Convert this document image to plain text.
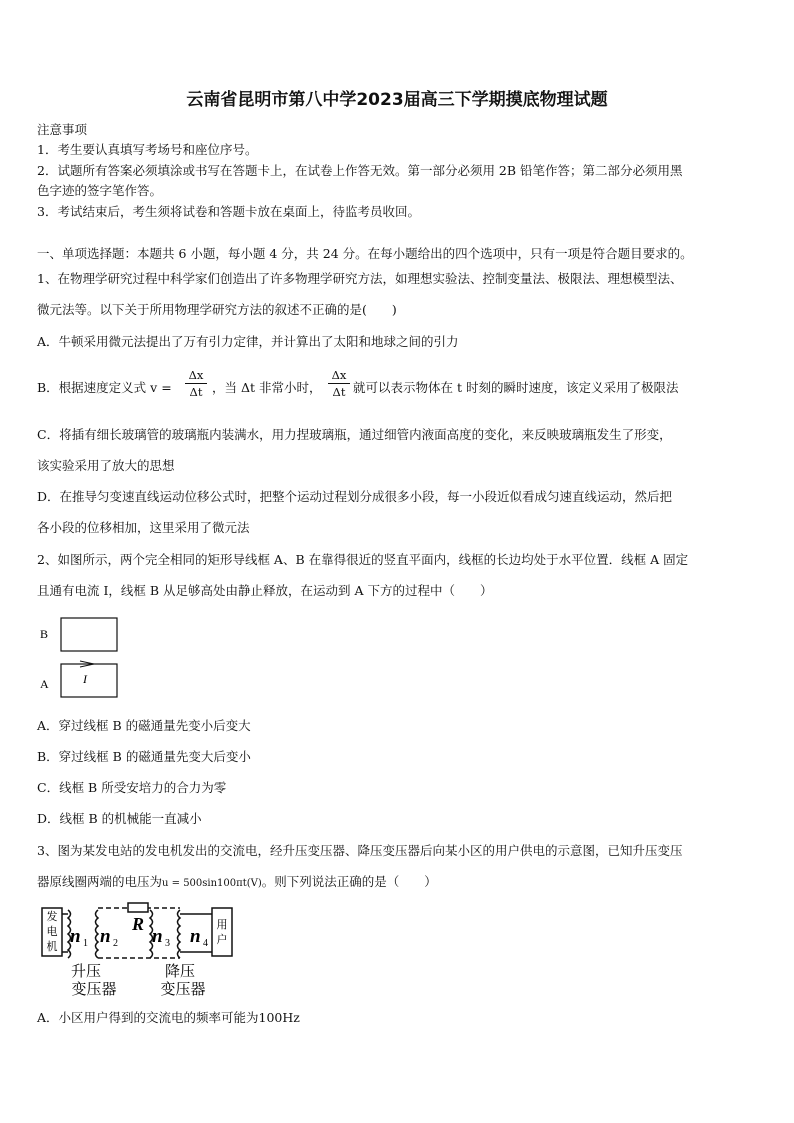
云南省昆明市第八中学2023届高三下学期摸底物理试题
注意事项
1．考生要认真填写考场号和座位序号。
2．试题所有答案必须填涂或书写在答题卡上，在试卷上作答无效。第一部分必须用 2B 铅笔作答；第二部分必须用黑
色字迹的签字笔作答。
3．考试结束后，考生须将试卷和答题卡放在桌面上，待监考员收回。
一、单项选择题：本题共 6 小题，每小题 4 分，共 24 分。在每小题给出的四个选项中，只有一项是符合题目要求的。
1、在物理学研究过程中科学家们创造出了许多物理学研究方法，如理想实验法、控制变量法、极限法、理想模型法、
微元法等。以下关于所用物理学研究方法的叙述不正确的是(　　)
A．牛顿采用微元法提出了万有引力定律，并计算出了太阳和地球之间的引力
B．根据速度定义式 v =
Δx
Δt ，当 Δt 非常小时，
Δx
Δt 就可以表示物体在 t 时刻的瞬时速度，该定义采用了极限法
C．将插有细长玻璃管的玻璃瓶内装满水，用力捏玻璃瓶，通过细管内液面高度的变化，来反映玻璃瓶发生了形变，
该实验采用了放大的思想
D．在推导匀变速直线运动位移公式时，把整个运动过程划分成很多小段，每一小段近似看成匀速直线运动，然后把
各小段的位移相加，这里采用了微元法
2、如图所示，两个完全相同的矩形导线框 A、B 在靠得很近的竖直平面内，线框的长边均处于水平位置．线框 A 固定
且通有电流 I，线框 B 从足够高处由静止释放，在运动到 A 下方的过程中（　　）
B
A	I
A．穿过线框 B 的磁通量先变小后变大
B．穿过线框 B 的磁通量先变大后变小
C．线框 B 所受安培力的合力为零
D．线框 B 的机械能一直减小
3、图为某发电站的发电机发出的交流电，经升压变压器、降压变压器后向某小区的用户供电的示意图，已知升压变压
器原线圈两端的电压为u = 500sin100πt(V)。则下列说法正确的是（　　）
发
电
机 n 1 n 2
R
n 3 n 4
用
户
升压
变压器
降压
变压器
A．小区用户得到的交流电的频率可能为100Hz
